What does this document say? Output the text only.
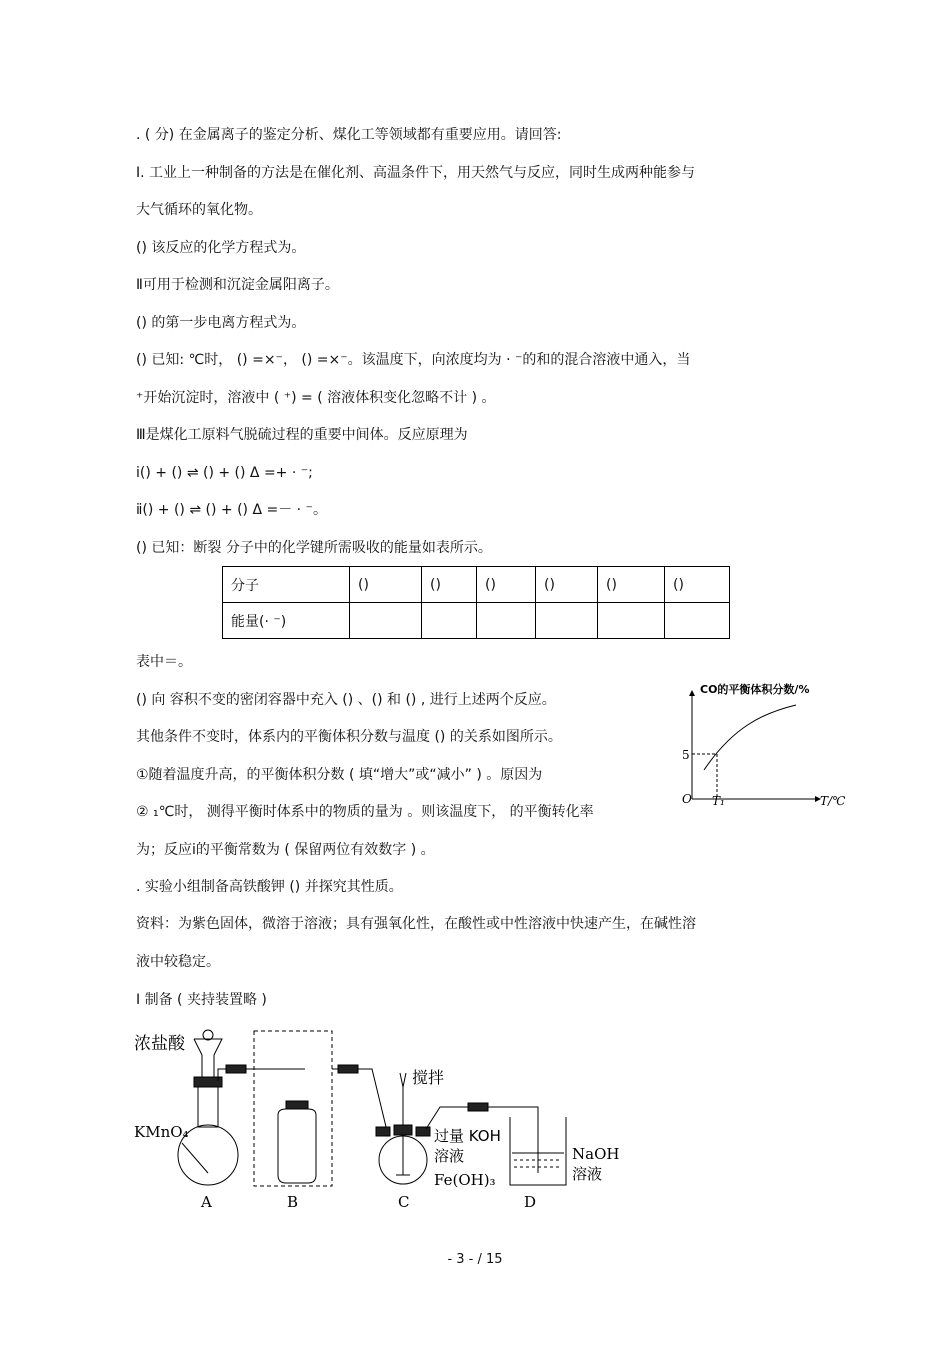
. ( 分) 在金属离子的鉴定分析、煤化工等领域都有重要应用。请回答:
Ⅰ. 工业上一种制备的方法是在催化剂、高温条件下，用天然气与反应，同时生成两种能参与
大气循环的氧化物。
() 该反应的化学方程式为。
Ⅱ可用于检测和沉淀金属阳离子。
() 的第一步电离方程式为。
() 已知: ℃时， () =×⁻， () =×⁻。该温度下，向浓度均为 · ⁻的和的混合溶液中通入，当
⁺开始沉淀时，溶液中 ( ⁺) = ( 溶液体积变化忽略不计 ) 。
Ⅲ是煤化工原料气脱硫过程的重要中间体。反应原理为
ⅰ() + () ⇌ () + () Δ =+ · ⁻;
ⅱ() + () ⇌ () + () Δ =－ · ⁻。
() 已知：断裂 分子中的化学键所需吸收的能量如表所示。
分子	()	()	()	()	()	()
能量(· ⁻)						
表中＝。
() 向 容积不变的密闭容器中充入 () 、() 和 () , 进行上述两个反应。
其他条件不变时，体系内的平衡体积分数与温度 () 的关系如图所示。
①随着温度升高，的平衡体积分数 ( 填“增大”或“减小” ) 。原因为
② ₁℃时， 测得平衡时体系中的物质的量为 。则该温度下， 的平衡转化率
为；反应ⅰ的平衡常数为 ( 保留两位有效数字 ) 。
. 实验小组制备高铁酸钾 () 并探究其性质。
资料：为紫色固体，微溶于溶液；具有强氧化性，在酸性或中性溶液中快速产生，在碱性溶
液中较稳定。
Ⅰ 制备 ( 夹持装置略 )
CO的平衡体积分数/%
T/℃
O
5
T₁
浓盐酸
KMnO₄
搅拌
过量 KOH
溶液
Fe(OH)₃
NaOH
溶液
A	B	C	D
- 3 - / 15
